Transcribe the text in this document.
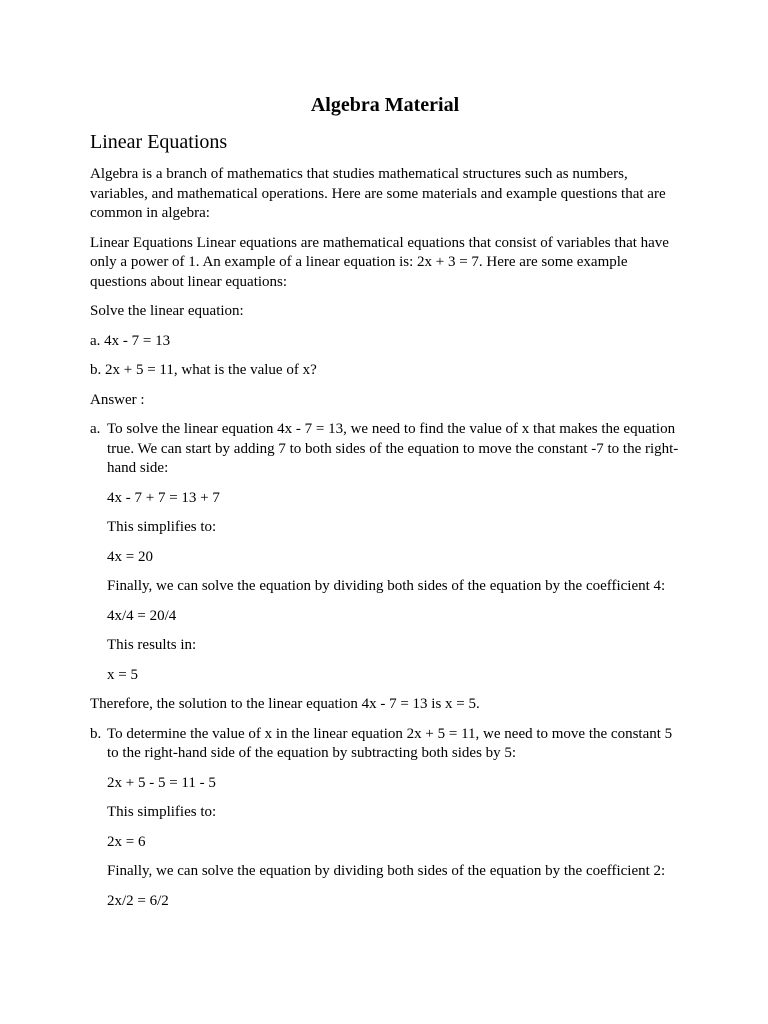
Algebra Material
Linear Equations

Algebra is a branch of mathematics that studies mathematical structures such as numbers, variables, and mathematical operations. Here are some materials and example questions that are common in algebra:

Linear Equations Linear equations are mathematical equations that consist of variables that have only a power of 1. An example of a linear equation is: 2x + 3 = 7. Here are some example questions about linear equations:

Solve the linear equation:

a. 4x - 7 = 13

b. 2x + 5 = 11, what is the value of x?

Answer :

a. To solve the linear equation 4x - 7 = 13, we need to find the value of x that makes the equation true. We can start by adding 7 to both sides of the equation to move the constant -7 to the right-hand side:

4x - 7 + 7 = 13 + 7

This simplifies to:

4x = 20

Finally, we can solve the equation by dividing both sides of the equation by the coefficient 4:

4x/4 = 20/4

This results in:

x = 5

Therefore, the solution to the linear equation 4x - 7 = 13 is x = 5.

b. To determine the value of x in the linear equation 2x + 5 = 11, we need to move the constant 5 to the right-hand side of the equation by subtracting both sides by 5:

2x + 5 - 5 = 11 - 5

This simplifies to:

2x = 6

Finally, we can solve the equation by dividing both sides of the equation by the coefficient 2:

2x/2 = 6/2
